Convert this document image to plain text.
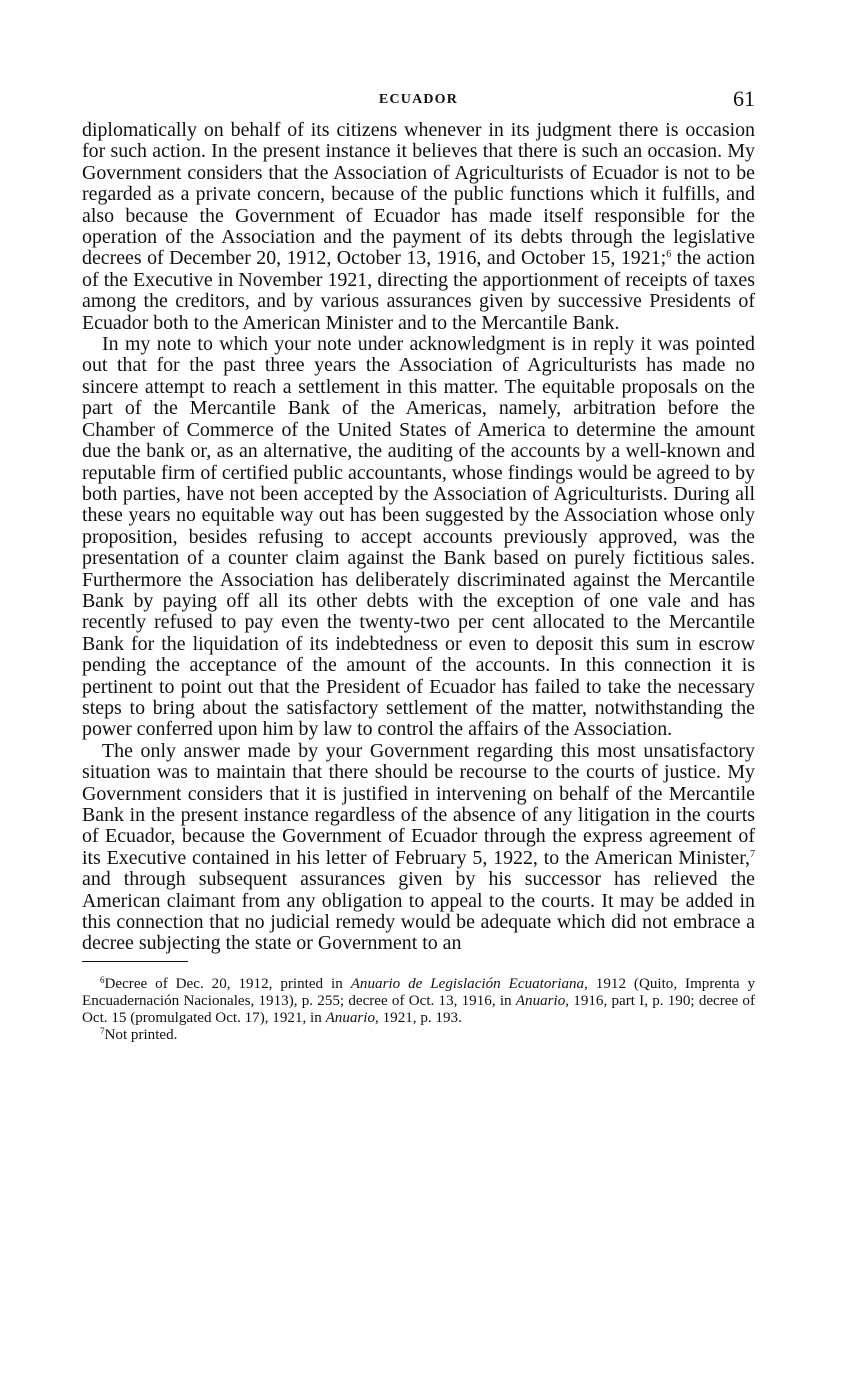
ECUADOR	61

diplomatically on behalf of its citizens whenever in its judgment there is occasion for such action. In the present instance it believes that there is such an occasion. My Government considers that the Association of Agriculturists of Ecuador is not to be regarded as a private concern, because of the public functions which it fulfills, and also because the Government of Ecuador has made itself responsible for the operation of the Association and the payment of its debts through the legislative decrees of December 20, 1912, October 13, 1916, and October 15, 1921;$^6$ the action of the Executive in November 1921, directing the apportionment of receipts of taxes among the creditors, and by various assurances given by successive Presidents of Ecuador both to the American Minister and to the Mercantile Bank.

In my note to which your note under acknowledgment is in reply it was pointed out that for the past three years the Association of Agriculturists has made no sincere attempt to reach a settlement in this matter. The equitable proposals on the part of the Mercantile Bank of the Americas, namely, arbitration before the Chamber of Commerce of the United States of America to determine the amount due the bank or, as an alternative, the auditing of the accounts by a well-known and reputable firm of certified public accountants, whose findings would be agreed to by both parties, have not been accepted by the Association of Agriculturists. During all these years no equitable way out has been suggested by the Association whose only proposition, besides refusing to accept accounts previously approved, was the presentation of a counter claim against the Bank based on purely fictitious sales. Furthermore the Association has deliberately discriminated against the Mercantile Bank by paying off all its other debts with the exception of one vale and has recently refused to pay even the twenty-two per cent allocated to the Mercantile Bank for the liquidation of its indebtedness or even to deposit this sum in escrow pending the acceptance of the amount of the accounts. In this connection it is pertinent to point out that the President of Ecuador has failed to take the necessary steps to bring about the satisfactory settlement of the matter, notwithstanding the power conferred upon him by law to control the affairs of the Association.

The only answer made by your Government regarding this most unsatisfactory situation was to maintain that there should be recourse to the courts of justice. My Government considers that it is justified in intervening on behalf of the Mercantile Bank in the present instance regardless of the absence of any litigation in the courts of Ecuador, because the Government of Ecuador through the express agreement of its Executive contained in his letter of February 5, 1922, to the American Minister,$^7$ and through subsequent assurances given by his successor has relieved the American claimant from any obligation to appeal to the courts. It may be added in this connection that no judicial remedy would be adequate which did not embrace a decree subjecting the state or Government to an

$^6$Decree of Dec. 20, 1912, printed in Anuario de Legislación Ecuatoriana, 1912 (Quito, Imprenta y Encuadernación Nacionales, 1913), p. 255; decree of Oct. 13, 1916, in Anuario, 1916, part I, p. 190; decree of Oct. 15 (promulgated Oct. 17), 1921, in Anuario, 1921, p. 193.

$^7$Not printed.
